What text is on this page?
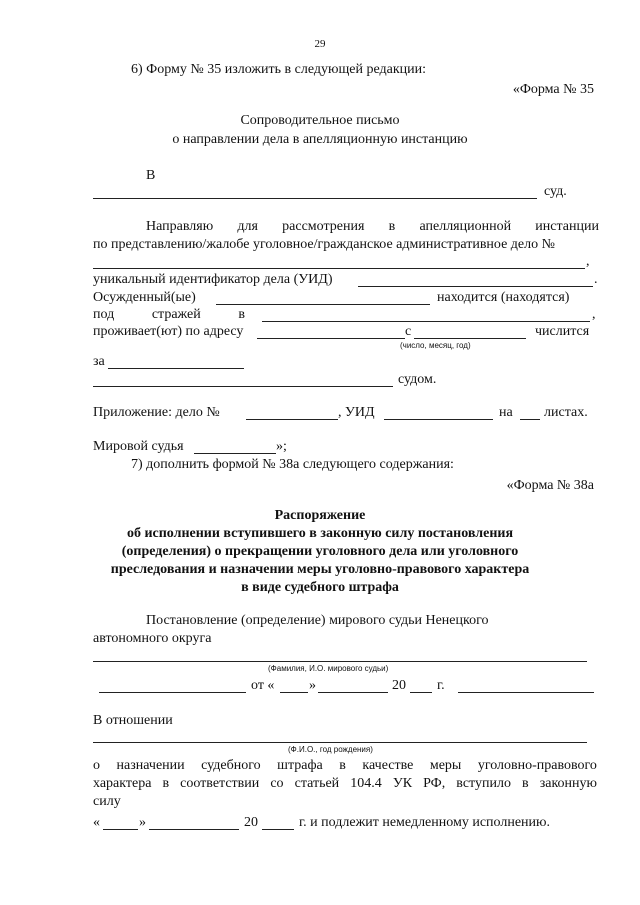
29
6) Форму № 35 изложить в следующей редакции:
«Форма № 35
Сопроводительное письмо
о направлении дела в апелляционную инстанцию
В
суд.
Направляю для рассмотрения в апелляционной инстанции
по представлению/жалобе уголовное/гражданское административное дело №
,
уникальный идентификатор дела (УИД)	.
Осужденный(ые)	находится (находятся)
под	стражей	в	,
проживает(ют) по адресу	с	числится
(число, месяц, год)
за
судом.
Приложение: дело №	, УИД	на листах.
Мировой судья	»;
7) дополнить формой № 38а следующего содержания:
«Форма № 38а
Распоряжение
об исполнении вступившего в законную силу постановления
(определения) о прекращении уголовного дела или уголовного
преследования и назначении меры уголовно-правового характера
в виде судебного штрафа
Постановление (определение) мирового судьи Ненецкого
автономного округа
(Фамилия, И.О. мирового судьи)
от « »	20 г.
В отношении
(Ф.И.О., год рождения)
о назначении судебного штрафа в качестве меры уголовно-правового
характера в соответствии со статьей 104.4 УК РФ, вступило в законную
силу
«	»	20	г. и подлежит немедленному исполнению.
